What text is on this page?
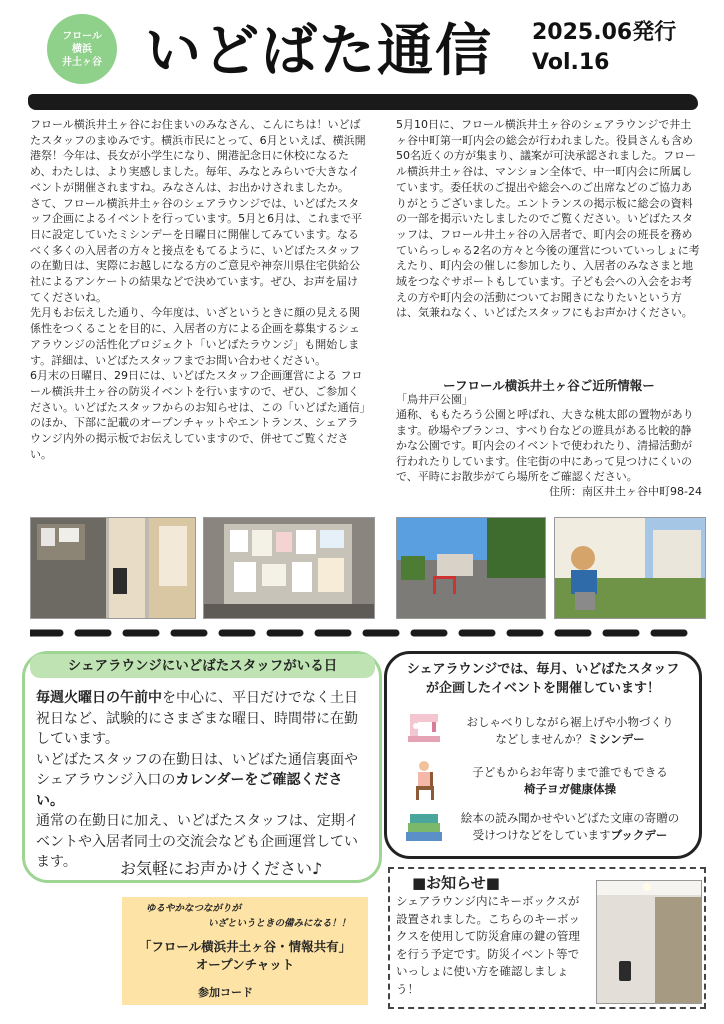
フロール
横浜
井土ヶ谷 いどばた通信 2025.06発行
Vol.16

フロール横浜井土ヶ谷にお住まいのみなさん、こんにちは！いどばたスタッフのまゆみです。横浜市民にとって、6月といえば、横浜開港祭！今年は、長女が小学生になり、開港記念日に休校になるため、わたしは、より実感しました。毎年、みなとみらいで大きなイベントが開催されますね。みなさんは、お出かけされましたか。

さて、フロール横浜井土ヶ谷のシェアラウンジでは、いどばたスタッフ企画によるイベントを行っています。5月と6月は、これまで平日に設定していたミシンデーを日曜日に開催してみています。なるべく多くの入居者の方々と接点をもてるように、いどばたスタッフの在勤日は、実際にお越しになる方のご意見や神奈川県住宅供給公社によるアンケートの結果などで決めています。ぜひ、お声を届けてくださいね。

先月もお伝えした通り、今年度は、いざというときに顔の見える関係性をつくることを目的に、入居者の方による企画を募集するシェアラウンジの活性化プロジェクト「いどばたラウンジ」も開始します。詳細は、いどばたスタッフまでお問い合わせください。

6月末の日曜日、29日には、いどばたスタッフ企画運営による フロール横浜井土ヶ谷の防災イベントを行いますので、ぜひ、ご参加ください。いどばたスタッフからのお知らせは、この「いどばた通信」のほか、下部に記載のオープンチャットやエントランス、シェアラウンジ内外の掲示板でお伝えしていますので、併せてご覧ください。

5月10日に、フロール横浜井土ヶ谷のシェアラウンジで井土ヶ谷中町第一町内会の総会が行われました。役員さんも含め50名近くの方が集まり、議案が可決承認されました。フロール横浜井土ヶ谷は、マンション全体で、中一町内会に所属しています。委任状のご提出や総会へのご出席などのご協力ありがとうございました。エントランスの掲示板に総会の資料の一部を掲示いたしましたのでご覧ください。いどばたスタッフは、フロール井土ヶ谷の入居者で、町内会の班長を務めていらっしゃる2名の方々と今後の運営についていっしょに考えたり、町内会の催しに参加したり、入居者のみなさまと地域をつなぐサポートもしています。子ども会への入会をお考えの方や町内会の活動についてお聞きになりたいという方は、気兼ねなく、いどばたスタッフにもお声かけください。

ーフロール横浜井土ヶ谷ご近所情報ー
「鳥井戸公園」
通称、ももたろう公園と呼ばれ、大きな桃太郎の置物があります。砂場やブランコ、すべり台などの遊具がある比較的静かな公園です。町内会のイベントで使われたり、清掃活動が行われたりしています。住宅街の中にあって見つけにくいので、平時にお散歩がてら場所をご確認ください。
住所：南区井土ヶ谷中町98-24
シェアラウンジにいどばたスタッフがいる日

毎週火曜日の午前中を中心に、平日だけでなく土日祝日など、試験的にさまざまな曜日、時間帯に在勤しています。

いどばたスタッフの在勤日は、いどばた通信裏面やシェアラウンジ入口のカレンダーをご確認ください。

通常の在勤日に加え、いどばたスタッフは、定期イベントや入居者同士の交流会なども企画運営しています。	お気軽にお声かけください♪
シェアラウンジでは、毎月、いどばたスタッフ
が企画したイベントを開催しています！
おしゃべりしながら裾上げや小物づくり
などしませんか？ミシンデー
子どもからお年寄りまで誰でもできる
椅子ヨガ健康体操
絵本の読み聞かせやいどばた文庫の寄贈の
受けつけなどをしていますブックデー
ゆるやかなつながりが
いざというときの備みになる！！
「フロール横浜井土ヶ谷・情報共有」
オープンチャット
参加コード
■お知らせ■
シェアラウンジ内にキーボックスが設置されました。こちらのキーボックスを使用して防災倉庫の鍵の管理を行う予定です。防災イベント等でいっしょに使い方を確認しましょう！
